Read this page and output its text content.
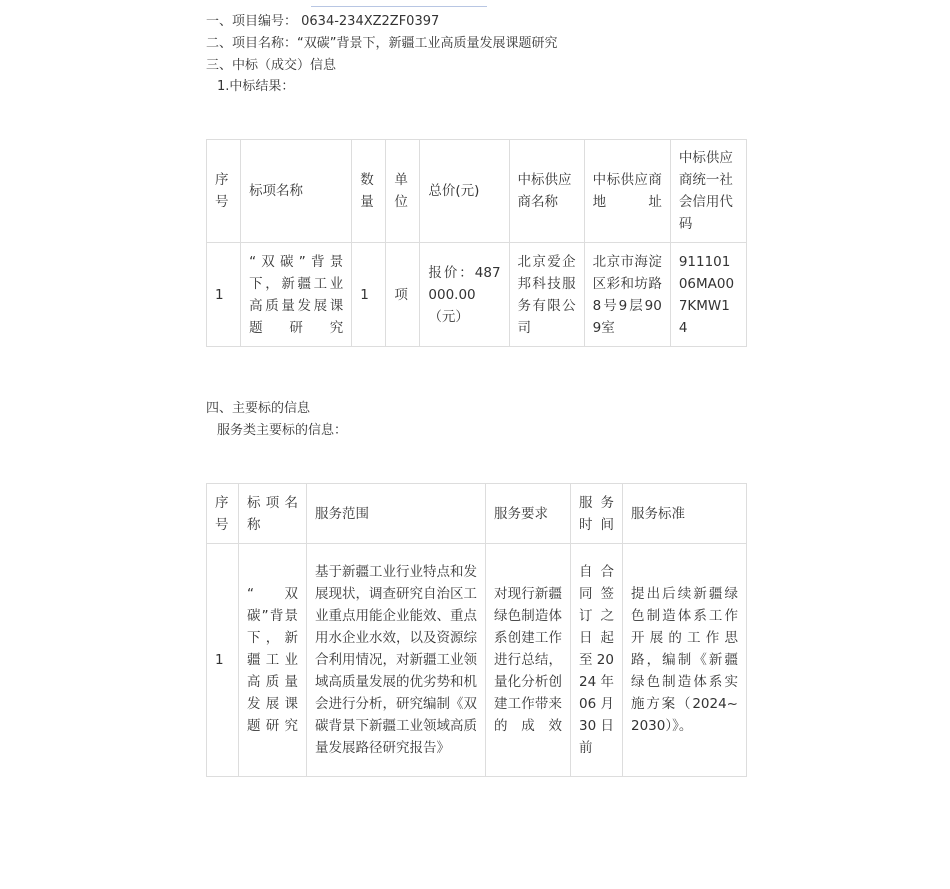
一、项目编号： 0634-234XZ2ZF0397
二、项目名称：“双碳”背景下，新疆工业高质量发展课题研究
三、中标（成交）信息
1.中标结果：
序号	标项名称	数量	单位	总价(元)	中标供应商名称	中标供应商地址	中标供应商统一社会信用代码
1	“双碳”背景下，新疆工业高质量发展课题研究	1	项	报价：487000.00（元）	北京爱企邦科技服务有限公司	北京市海淀区彩和坊路8号9层909室	91110106MA007KMW14
四、主要标的信息
服务类主要标的信息：
序号	标项名称	服务范围	服务要求	服务时间	服务标准
1	“双碳”背景下，新疆工业高质量发展课题研究	基于新疆工业行业特点和发展现状，调查研究自治区工业重点用能企业能效、重点用水企业水效，以及资源综合利用情况，对新疆工业领域高质量发展的优劣势和机会进行分析，研究编制《双碳背景下新疆工业领域高质量发展路径研究报告》	对现行新疆绿色制造体系创建工作进行总结，量化分析创建工作带来的成效	自合同签订之日起至2024年06月30日前	提出后续新疆绿色制造体系工作开展的工作思路，编制《新疆绿色制造体系实施方案（2024~2030）》。
